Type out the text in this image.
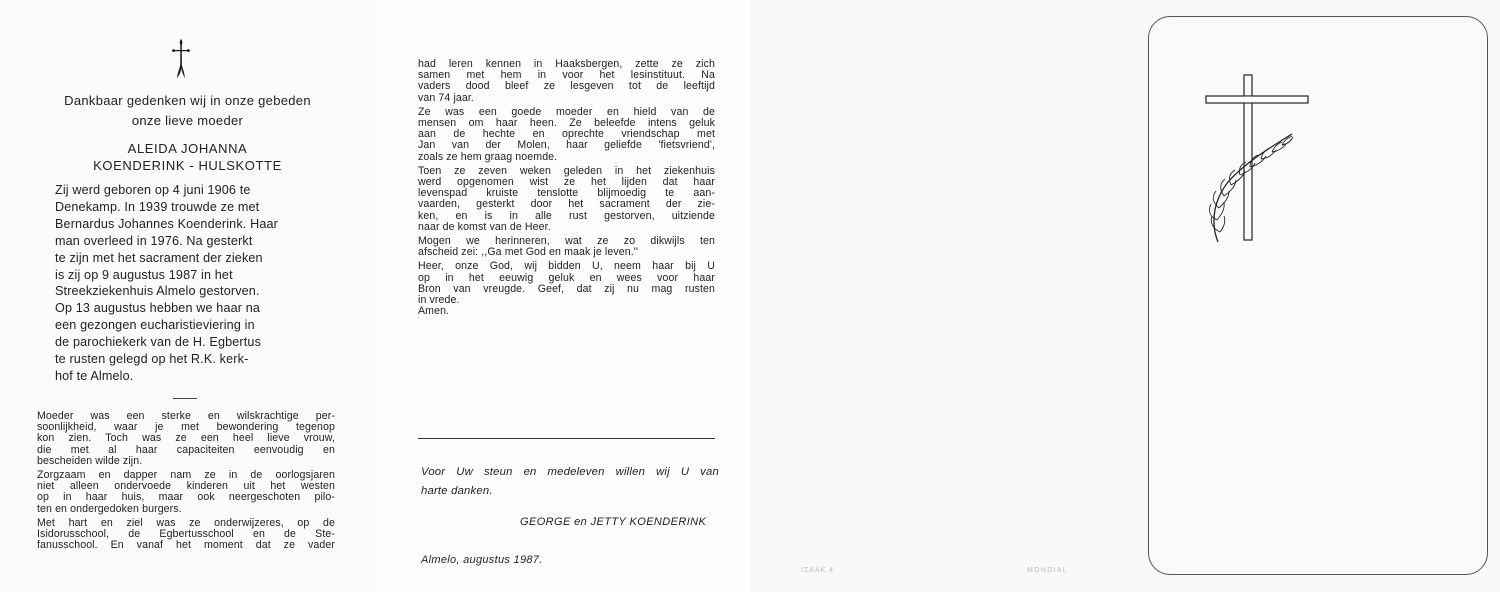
Dankbaar gedenken wij in onze gebeden
onze lieve moeder
ALEIDA JOHANNA
KOENDERINK - HULSKOTTE
Zij werd geboren op 4 juni 1906 te
Denekamp. In 1939 trouwde ze met
Bernardus Johannes Koenderink. Haar
man overleed in 1976. Na gesterkt
te zijn met het sacrament der zieken
is zij op 9 augustus 1987 in het
Streekziekenhuis Almelo gestorven.
Op 13 augustus hebben we haar na
een gezongen eucharistieviering in
de parochiekerk van de H. Egbertus
te rusten gelegd op het R.K. kerk-
hof te Almelo.

Moeder was een sterke en wilskrachtige per-
soonlijkheid, waar je met bewondering tegenop
kon zien. Toch was ze een heel lieve vrouw,
die met al haar capaciteiten eenvoudig en
bescheiden wilde zijn.

Zorgzaam en dapper nam ze in de oorlogsjaren
niet alleen ondervoede kinderen uit het westen
op in haar huis, maar ook neergeschoten pilo-
ten en ondergedoken burgers.

Met hart en ziel was ze onderwijzeres, op de
Isidorusschool, de Egbertusschool en de Ste-
fanusschool. En vanaf het moment dat ze vader

had leren kennen in Haaksbergen, zette ze zich
samen met hem in voor het lesinstituut. Na
vaders dood bleef ze lesgeven tot de leeftijd
van 74 jaar.

Ze was een goede moeder en hield van de
mensen om haar heen. Ze beleefde intens geluk
aan de hechte en oprechte vriendschap met
Jan van der Molen, haar geliefde 'fietsvriend',
zoals ze hem graag noemde.

Toen ze zeven weken geleden in het ziekenhuis
werd opgenomen wist ze het lijden dat haar
levenspad kruiste tenslotte blijmoedig te aan-
vaarden, gesterkt door het sacrament der zie-
ken, en is in alle rust gestorven, uitziende
naar de komst van de Heer.

Mogen we herinneren, wat ze zo dikwijls ten
afscheid zei: ,,Ga met God en maak je leven.''

Heer, onze God, wij bidden U, neem haar bij U
op in het eeuwig geluk en wees voor haar
Bron van vreugde. Geef, dat zij nu mag rusten
in vrede.
Amen.

Voor Uw steun en medeleven willen wij U van
harte danken.
GEORGE en JETTY KOENDERINK
Almelo, augustus 1987.
IZAAK 4	MONDIAL
